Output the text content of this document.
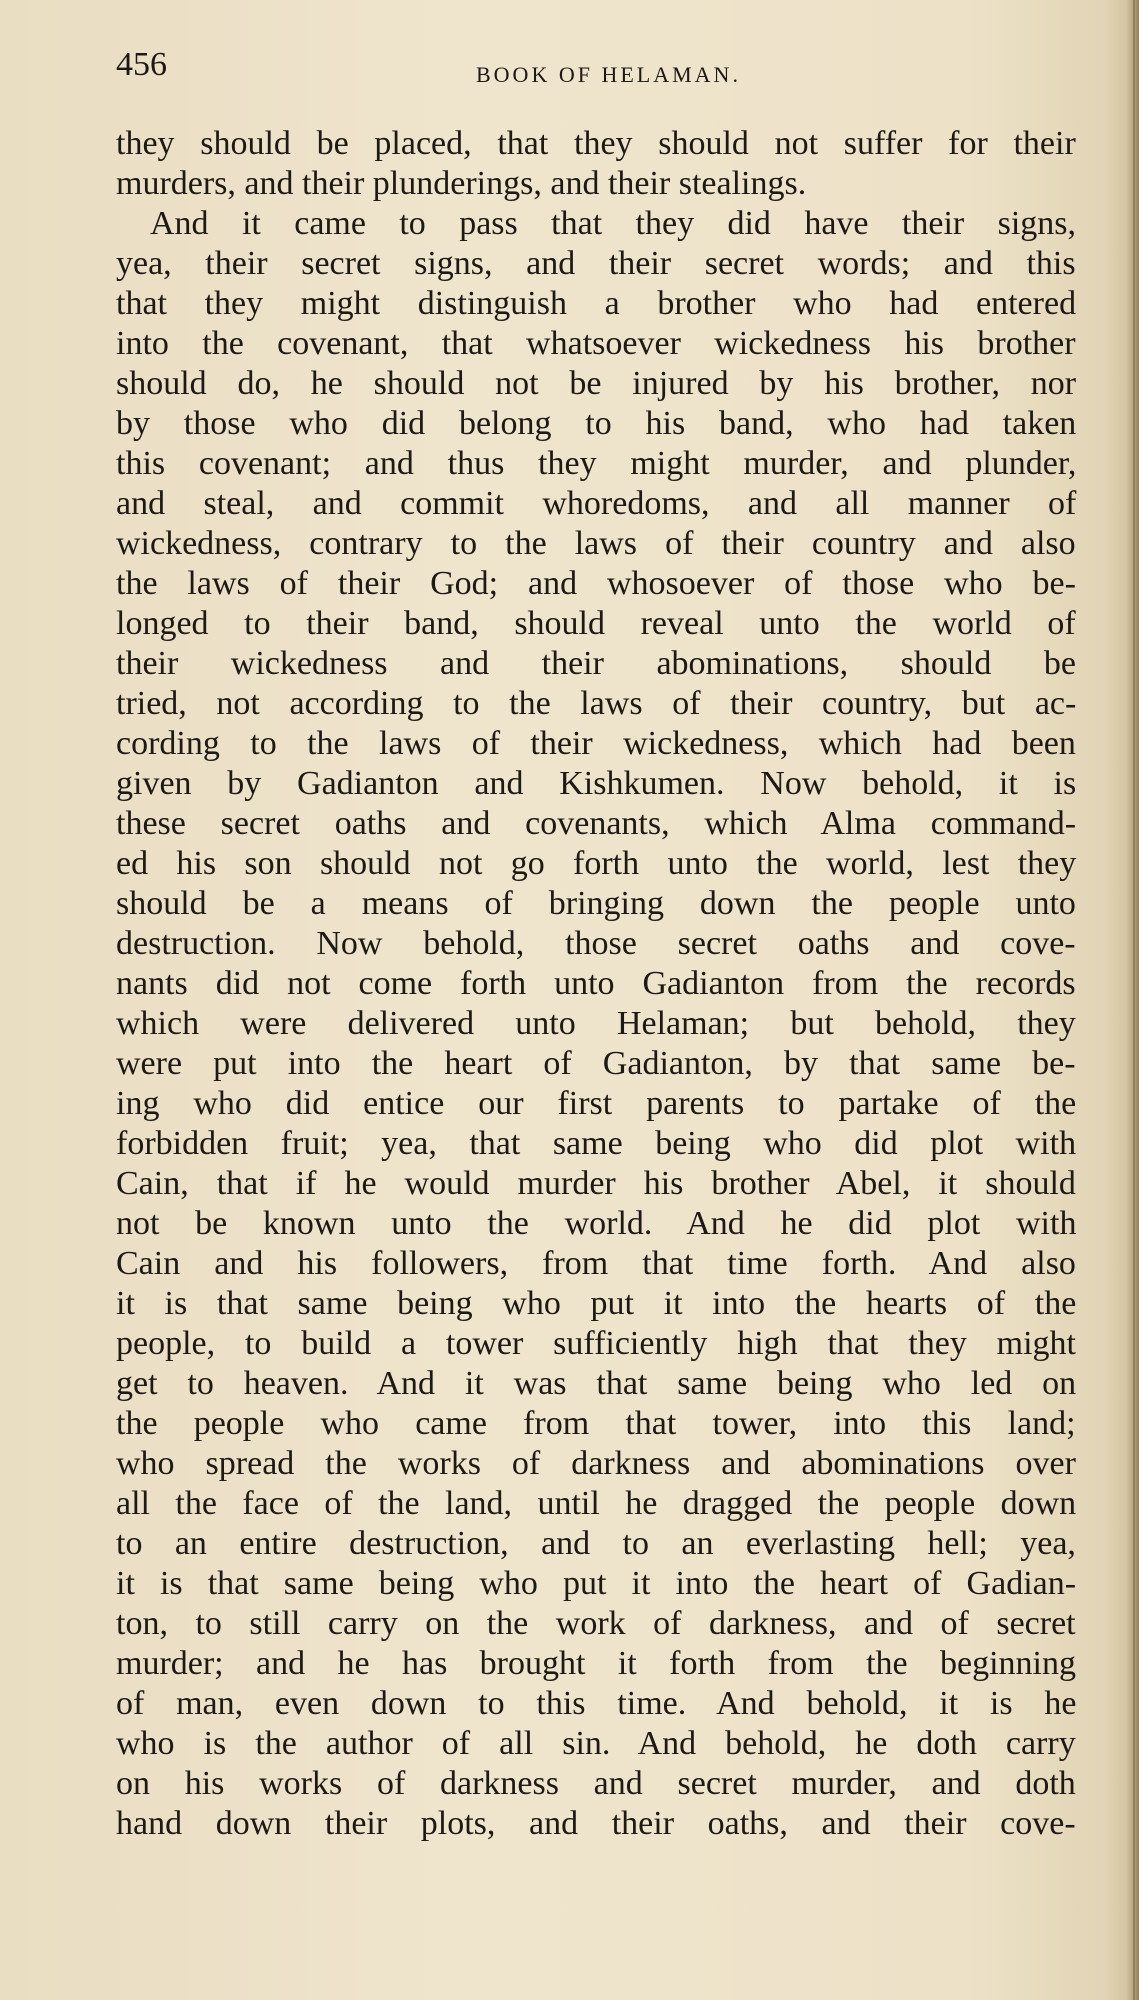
456	BOOK OF HELAMAN.
they should be placed, that they should not suffer for their
murders, and their plunderings, and their stealings.
 And it came to pass that they did have their signs,
yea, their secret signs, and their secret words; and this
that they might distinguish a brother who had entered
into the covenant, that whatsoever wickedness his brother
should do, he should not be injured by his brother, nor
by those who did belong to his band, who had taken
this covenant; and thus they might murder, and plunder,
and steal, and commit whoredoms, and all manner of
wickedness, contrary to the laws of their country and also
the laws of their God; and whosoever of those who be-
longed to their band, should reveal unto the world of
their wickedness and their abominations, should be
tried, not according to the laws of their country, but ac-
cording to the laws of their wickedness, which had been
given by Gadianton and Kishkumen. Now behold, it is
these secret oaths and covenants, which Alma command-
ed his son should not go forth unto the world, lest they
should be a means of bringing down the people unto
destruction. Now behold, those secret oaths and cove-
nants did not come forth unto Gadianton from the records
which were delivered unto Helaman; but behold, they
were put into the heart of Gadianton, by that same be-
ing who did entice our first parents to partake of the
forbidden fruit; yea, that same being who did plot with
Cain, that if he would murder his brother Abel, it should
not be known unto the world. And he did plot with
Cain and his followers, from that time forth. And also
it is that same being who put it into the hearts of the
people, to build a tower sufficiently high that they might
get to heaven. And it was that same being who led on
the people who came from that tower, into this land;
who spread the works of darkness and abominations over
all the face of the land, until he dragged the people down
to an entire destruction, and to an everlasting hell; yea,
it is that same being who put it into the heart of Gadian-
ton, to still carry on the work of darkness, and of secret
murder; and he has brought it forth from the beginning
of man, even down to this time. And behold, it is he
who is the author of all sin. And behold, he doth carry
on his works of darkness and secret murder, and doth
hand down their plots, and their oaths, and their cove-
